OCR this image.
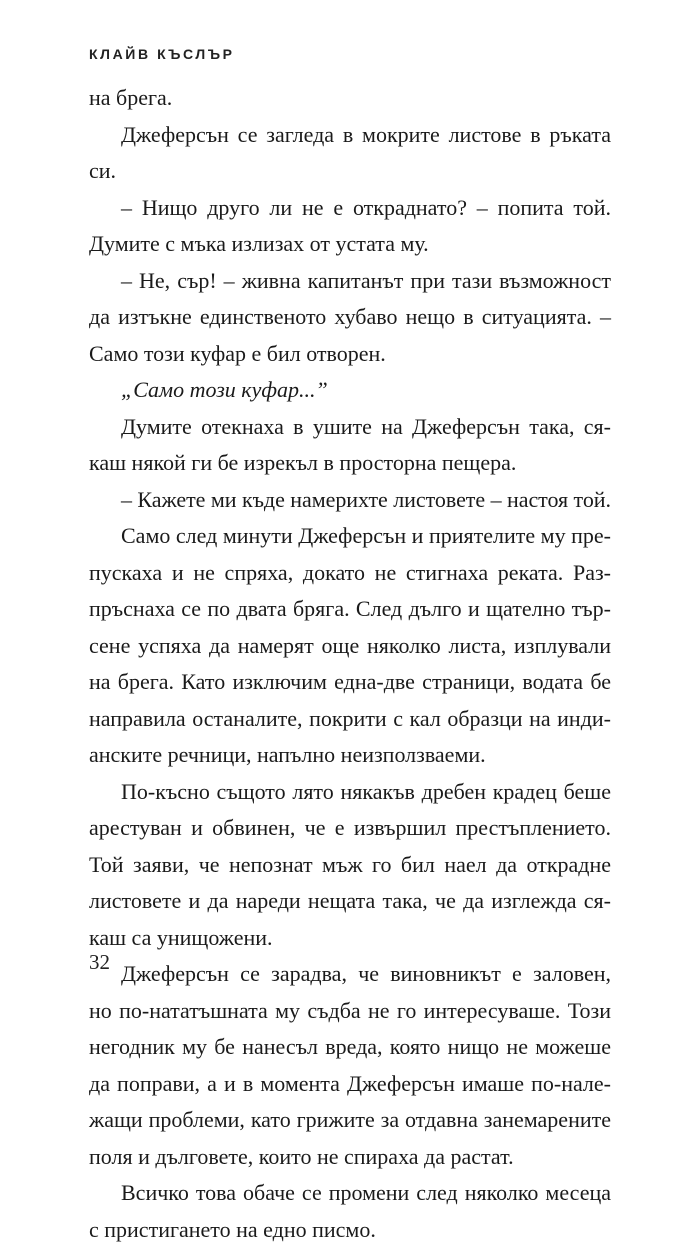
КЛАЙВ КЪСЛЪР
на брега.
Джеферсън се загледа в мокрите листове в ръката
си.
– Нищо друго ли не е откраднато? – попита той.
Думите с мъка излизах от устата му.
– Не, сър! – живна капитанът при тази възможност
да изтъкне единственото хубаво нещо в ситуацията. –
Само този куфар е бил отворен.
„Само този куфар...”
Думите отекнаха в ушите на Джеферсън така, ся-
каш някой ги бе изрекъл в просторна пещера.
– Кажете ми къде намерихте листовете – настоя той.
Само след минути Джеферсън и приятелите му пре-
пускаха и не спряха, докато не стигнаха реката. Раз-
пръснаха се по двата бряга. След дълго и щателно тър-
сене успяха да намерят още няколко листа, изплували
на брега. Като изключим една-две страници, водата бе
направила останалите, покрити с кал образци на инди-
анските речници, напълно неизползваеми.
По-късно същото лято някакъв дребен крадец беше
арестуван и обвинен, че е извършил престъплението.
Той заяви, че непознат мъж го бил наел да открадне
листовете и да нареди нещата така, че да изглежда ся-
каш са унищожени.
Джеферсън се зарадва, че виновникът е заловен,
но по-нататъшната му съдба не го интересуваше. Този
негодник му бе нанесъл вреда, която нищо не можеше
да поправи, а и в момента Джеферсън имаше по-нале-
жащи проблеми, като грижите за отдавна занемарените
поля и дълговете, които не спираха да растат.
Всичко това обаче се промени след няколко месеца
с пристигането на едно писмо.
32
